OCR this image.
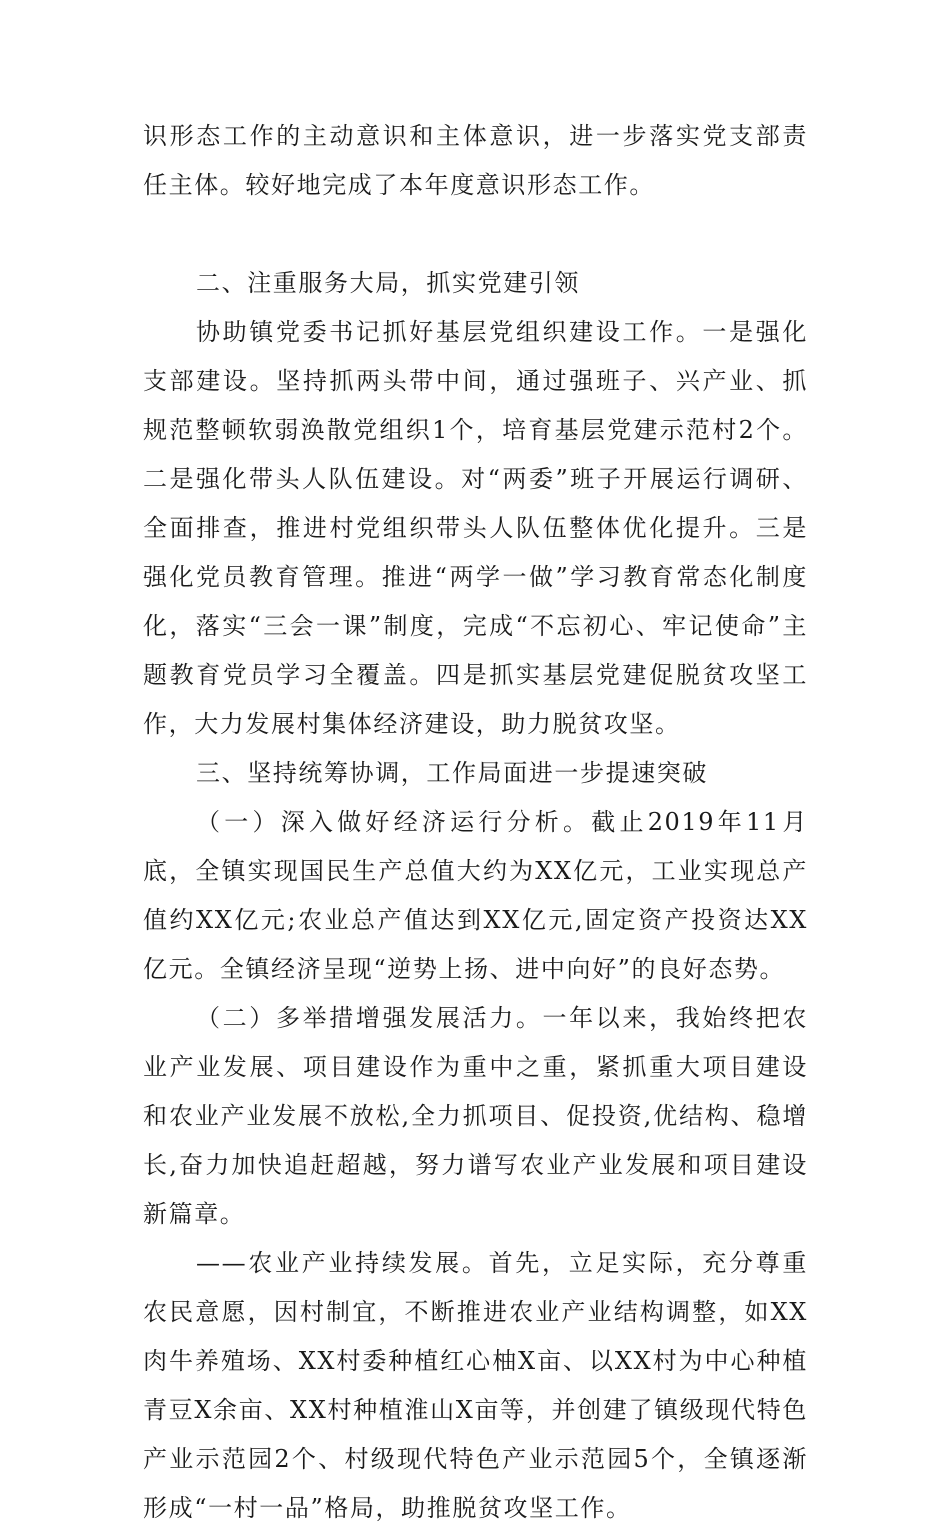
识形态工作的主动意识和主体意识，进一步落实党支部责任主体。较好地完成了本年度意识形态工作。

二、注重服务大局，抓实党建引领

协助镇党委书记抓好基层党组织建设工作。一是强化支部建设。坚持抓两头带中间，通过强班子、兴产业、抓规范整顿软弱涣散党组织1个，培育基层党建示范村2个。二是强化带头人队伍建设。对“两委”班子开展运行调研、全面排查，推进村党组织带头人队伍整体优化提升。三是强化党员教育管理。推进“两学一做”学习教育常态化制度化，落实“三会一课”制度，完成“不忘初心、牢记使命”主题教育党员学习全覆盖。四是抓实基层党建促脱贫攻坚工作，大力发展村集体经济建设，助力脱贫攻坚。

三、坚持统筹协调，工作局面进一步提速突破

（一）深入做好经济运行分析。截止2019年11月底，全镇实现国民生产总值大约为XX亿元，工业实现总产值约XX亿元;农业总产值达到XX亿元,固定资产投资达XX亿元。全镇经济呈现“逆势上扬、进中向好”的良好态势。

（二）多举措增强发展活力。一年以来，我始终把农业产业发展、项目建设作为重中之重，紧抓重大项目建设和农业产业发展不放松,全力抓项目、促投资,优结构、稳增长,奋力加快追赶超越，努力谱写农业产业发展和项目建设新篇章。

——农业产业持续发展。首先，立足实际，充分尊重农民意愿，因村制宜，不断推进农业产业结构调整，如XX肉牛养殖场、XX村委种植红心柚X亩、以XX村为中心种植青豆X余亩、XX村种植淮山X亩等，并创建了镇级现代特色产业示范园2个、村级现代特色产业示范园5个，全镇逐渐形成“一村一品”格局，助推脱贫攻坚工作。
